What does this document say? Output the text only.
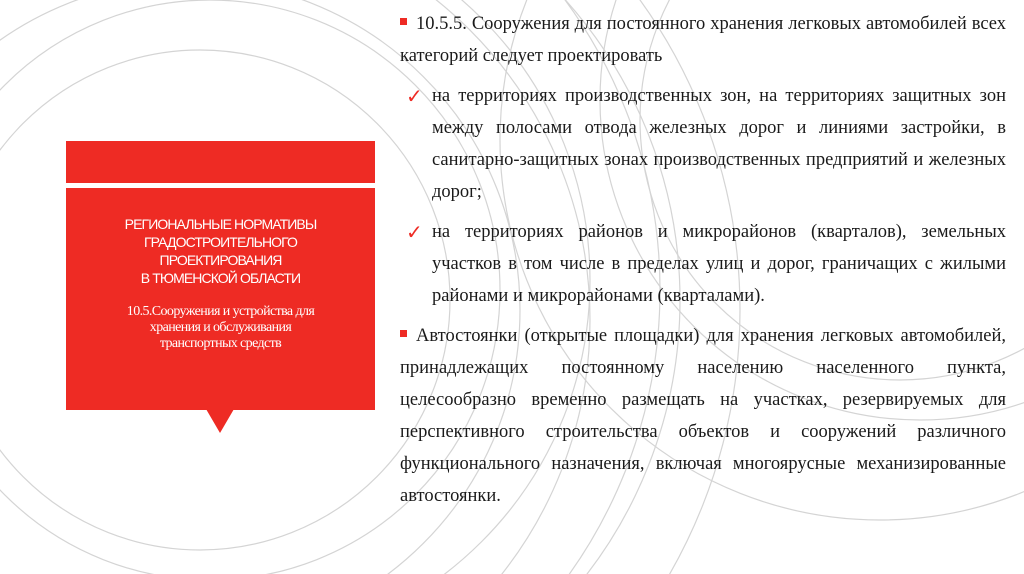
РЕГИОНАЛЬНЫЕ НОРМАТИВЫ
ГРАДОСТРОИТЕЛЬНОГО
ПРОЕКТИРОВАНИЯ
В ТЮМЕНСКОЙ ОБЛАСТИ
10.5.Сооружения и устройства для
хранения и обслуживания
транспортных средств
10.5.5. Сооружения для постоянного хранения легковых автомобилей всех категорий следует проектировать
✓ на территориях производственных зон, на территориях защитных зон между полосами отвода железных дорог и линиями застройки, в санитарно-защитных зонах производственных предприятий и железных дорог;
✓ на территориях районов и микрорайонов (кварталов), земельных участков в том числе в пределах улиц и дорог, граничащих с жилыми районами и микрорайонами (кварталами).
Автостоянки (открытые площадки) для хранения легковых автомобилей, принадлежащих постоянному населению населенного пункта, целесообразно временно размещать на участках, резервируемых для перспективного строительства объектов и сооружений различного функционального назначения, включая многоярусные механизированные автостоянки.
